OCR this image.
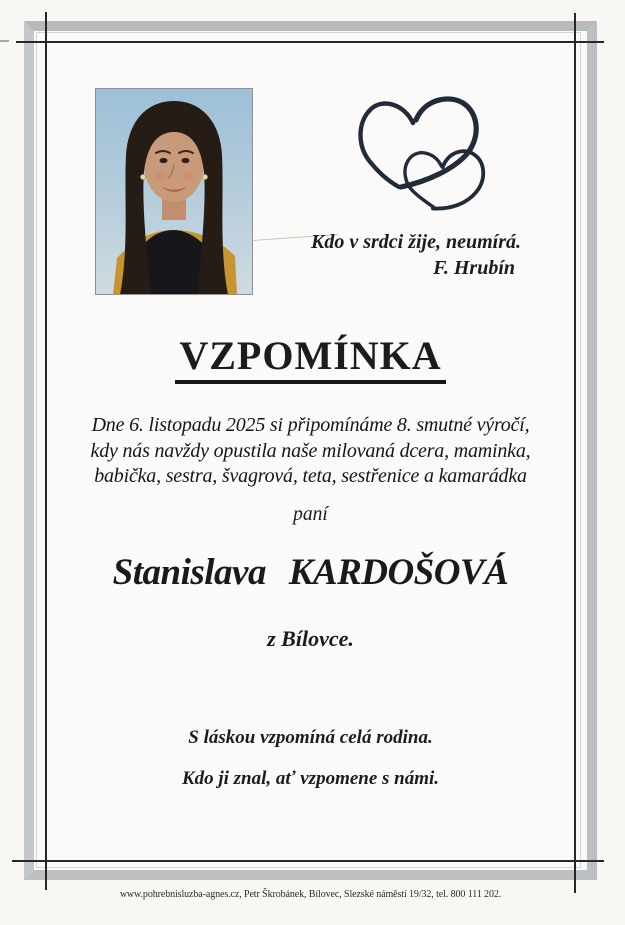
Kdo v srdci žije, neumírá.
F. Hrubín
VZPOMÍNKA
Dne 6. listopadu 2025 si připomínáme 8. smutné výročí,
kdy nás navždy opustila naše milovaná dcera, maminka,
babička, sestra, švagrová, teta, sestřenice a kamarádka
paní
Stanislava KARDOŠOVÁ
z Bílovce.
S láskou vzpomíná celá rodina.
Kdo ji znal, ať vzpomene s námi.
www.pohrebnisluzba-agnes.cz, Petr Škrobánek, Bílovec, Slezské náměstí 19/32, tel. 800 111 202.
